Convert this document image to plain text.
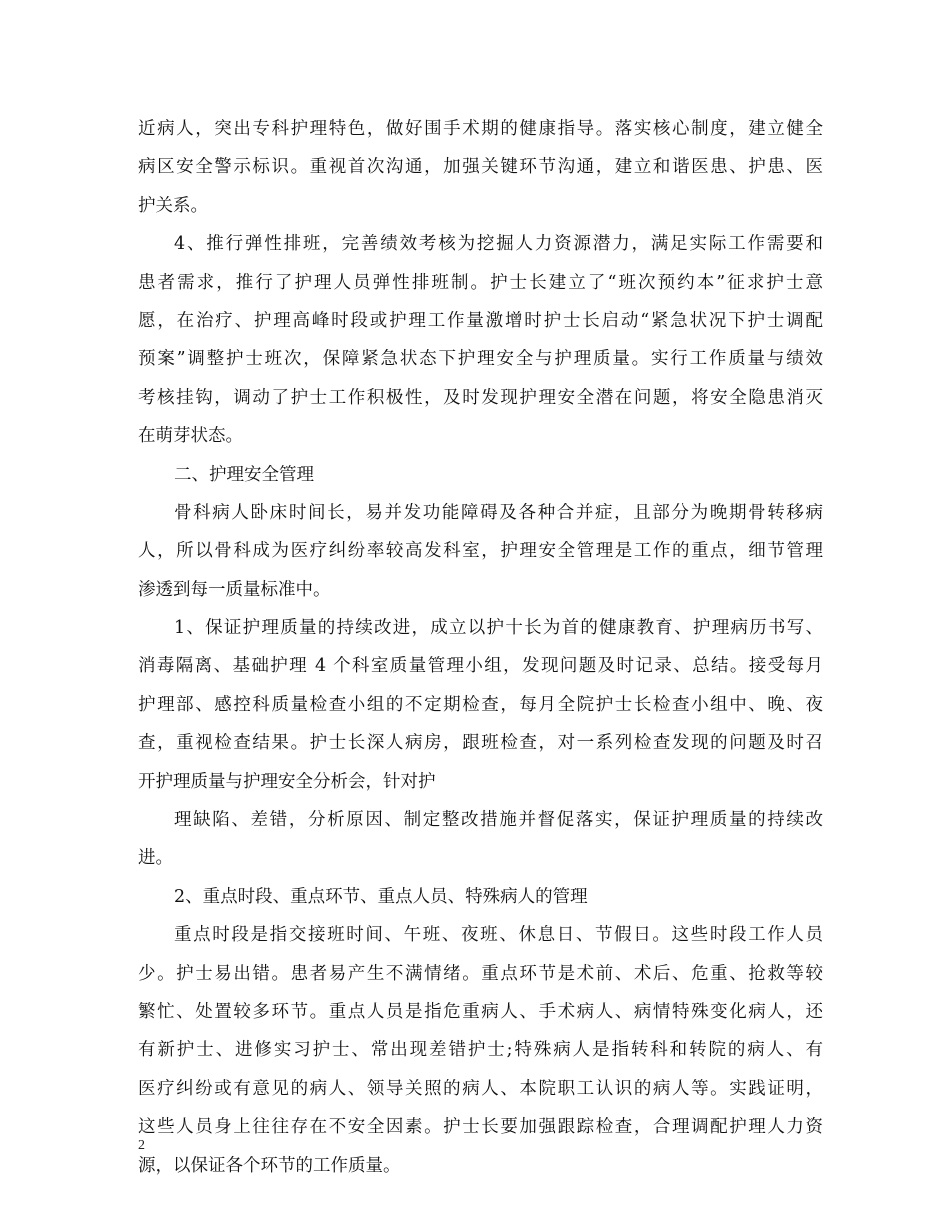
近病人，突出专科护理特色，做好围手术期的健康指导。落实核心制度，建立健全
病区安全警示标识。重视首次沟通，加强关键环节沟通，建立和谐医患、护患、医
护关系。
4、推行弹性排班，完善绩效考核为挖掘人力资源潜力，满足实际工作需要和
患者需求，推行了护理人员弹性排班制。护士长建立了“班次预约本”征求护士意
愿，在治疗、护理高峰时段或护理工作量激增时护士长启动“紧急状况下护士调配
预案”调整护士班次，保障紧急状态下护理安全与护理质量。实行工作质量与绩效
考核挂钩，调动了护士工作积极性，及时发现护理安全潜在问题，将安全隐患消灭
在萌芽状态。
二、护理安全管理
骨科病人卧床时间长，易并发功能障碍及各种合并症，且部分为晚期骨转移病
人，所以骨科成为医疗纠纷率较高发科室，护理安全管理是工作的重点，细节管理
渗透到每一质量标准中。
1、保证护理质量的持续改进，成立以护十长为首的健康教育、护理病历书写、
消毒隔离、基础护理 4 个科室质量管理小组，发现问题及时记录、总结。接受每月
护理部、感控科质量检查小组的不定期检查，每月全院护士长检查小组中、晚、夜
查，重视检查结果。护士长深人病房，跟班检查，对一系列检查发现的问题及时召
开护理质量与护理安全分析会，针对护
理缺陷、差错，分析原因、制定整改措施并督促落实，保证护理质量的持续改
进。
2、重点时段、重点环节、重点人员、特殊病人的管理
重点时段是指交接班时间、午班、夜班、休息日、节假日。这些时段工作人员
少。护士易出错。患者易产生不满情绪。重点环节是术前、术后、危重、抢救等较
繁忙、处置较多环节。重点人员是指危重病人、手术病人、病情特殊变化病人，还
有新护士、进修实习护士、常出现差错护士;特殊病人是指转科和转院的病人、有
医疗纠纷或有意见的病人、领导关照的病人、本院职工认识的病人等。实践证明，
这些人员身上往往存在不安全因素。护士长要加强跟踪检查，合理调配护理人力资
源，以保证各个环节的工作质量。
2
